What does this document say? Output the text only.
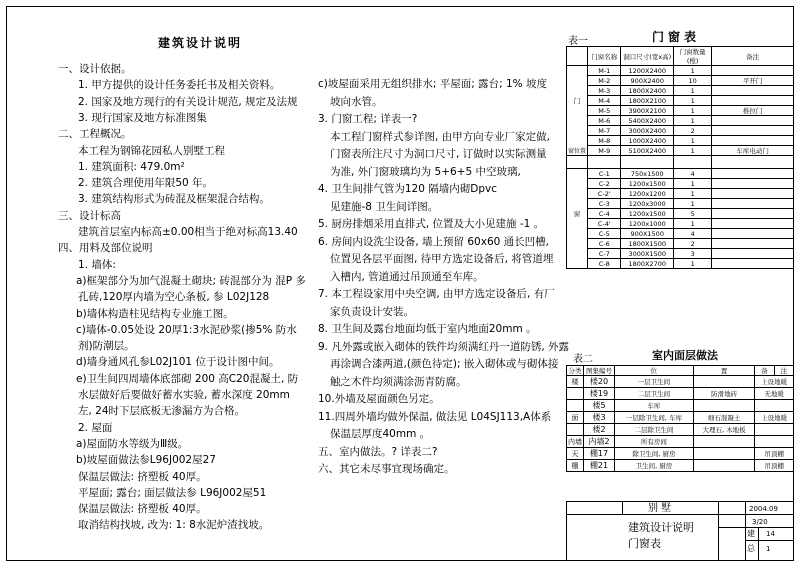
建筑设计说明
一、设计依据。
1. 甲方提供的设计任务委托书及相关资料。
2. 国家及地方现行的有关设计规范, 规定及法规
3. 现行国家及地方标准图集
二、工程概况。
本工程为钢锦花园私人别墅工程
1. 建筑面积: 479.0m²
2. 建筑合理使用年限50 年。
3. 建筑结构形式为砖混及框架混合结构。
三、设计标高
建筑首层室内标高±0.00相当于绝对标高13.40
四、用料及部位说明
1. 墙体:
a)框架部分为加气混凝土砌块; 砖混部分为 混P 多
孔砖,120厚内墙为空心条板, 参 L02J128
b)墙体构造柱见结构专业施工图。
c)墙体-0.05处设 20厚1:3水泥砂浆(掺5% 防水
剂)防潮层。
d)墙身通风孔参L02J101 位于设计图中间。
e)卫生间四周墙体底部砌 200 高C20混凝土, 防
水层做好后要做好蓄水实验, 蓄水深度 20mm
左, 24时下层底板无渗漏方为合格。
2. 屋面
a)屋面防水等级为Ⅲ级。
b)坡屋面做法参L96J002屋27
保温层做法: 挤塑板 40厚。
平屋面; 露台; 面层做法参 L96J002屋51
保温层做法: 挤塑板 40厚。
取消结构找坡, 改为: 1: 8水泥炉渣找坡。
c)坡屋面采用无组织排水; 平屋面; 露台; 1% 坡度
坡向水管。
3. 门窗工程; 详表一?
本工程门窗样式参详图, 由甲方向专业厂家定做,
门窗表所注尺寸为洞口尺寸, 订做时以实际测量
为准, 外门窗玻璃均为 5+6+5 中空玻璃,
4. 卫生间排气管为120 隔墙内砌Dpvc
见建施-8 卫生间详图。
5. 厨房排烟采用直排式, 位置及大小见建施 -1 。
6. 房间内设洗尘设备, 墙上预留 60x60 通长凹槽,
位置见各层平面图, 待甲方选定设备后, 将管道埋
入槽内, 管道通过吊顶通至车库。
7. 本工程设家用中央空调, 由甲方选定设备后, 有厂
家负责设计安装。
8. 卫生间及露台地面均低于室内地面20mm 。
9. 凡外露或嵌入砌体的铁件均须满红丹一道防锈, 外露
再涂调合漆两道,(颜色待定); 嵌入砌体或与砌体接
触之木件均须满涂沥青防腐。
10.外墙及屋面颜色另定。
11.四周外墙均做外保温, 做法见 L04SJ113,A体系
保温层厚度40mm 。
五、室内做法。? 详表二?
六、其它未尽事宜现场确定。
表一	门窗表
	门窗名称	洞口尺寸(宽x高)	门窗数量 (樘)	备注
	M-1	1200X2400	1	
	M-2	900X2400	10	平开门
	M-3	1800X2400	1	
门	M-4	1800X2100	1	
	M-5	3900X2100	1	推拉门
	M-6	5400X2400	1	
	M-7	3000X2400	2	
	M-8	1000X2400	1	
窗位置	M-9	5100X2400	1	车库电动门

	C-1	750x1500	4	
	C-2	1200x1500	1	
	C-2'	1200x1200	1	
	C-3	1200x3000	1	
窗	C-4	1200x1500	5	
	C-4'	1200x1000	1	
	C-5	900X1500	4	
	C-6	1800X1500	2	
	C-7	3000X1500	3	
	C-8	1800X2700	1	
表二	室内面层做法
分类	图集编号	位	置	备	注
楼	楼20	一层卫生间		上设地暖	
	楼19	二层卫生间	防滑地砖	无地暖	
	楼5	车库			
面	楼3	一层除卫生间, 车库	细石混凝土	上设地暖	
	楼2	二层除卫生间	大理石, 木地板		
内墙	内墙2	所有房间			
天	棚17	除卫生间, 厨房		吊顶棚	
棚	棚21	卫生间, 厨房		吊顶棚	
别 墅	2004.09
3/20
建筑设计说明
门窗表
建 14
总 1
